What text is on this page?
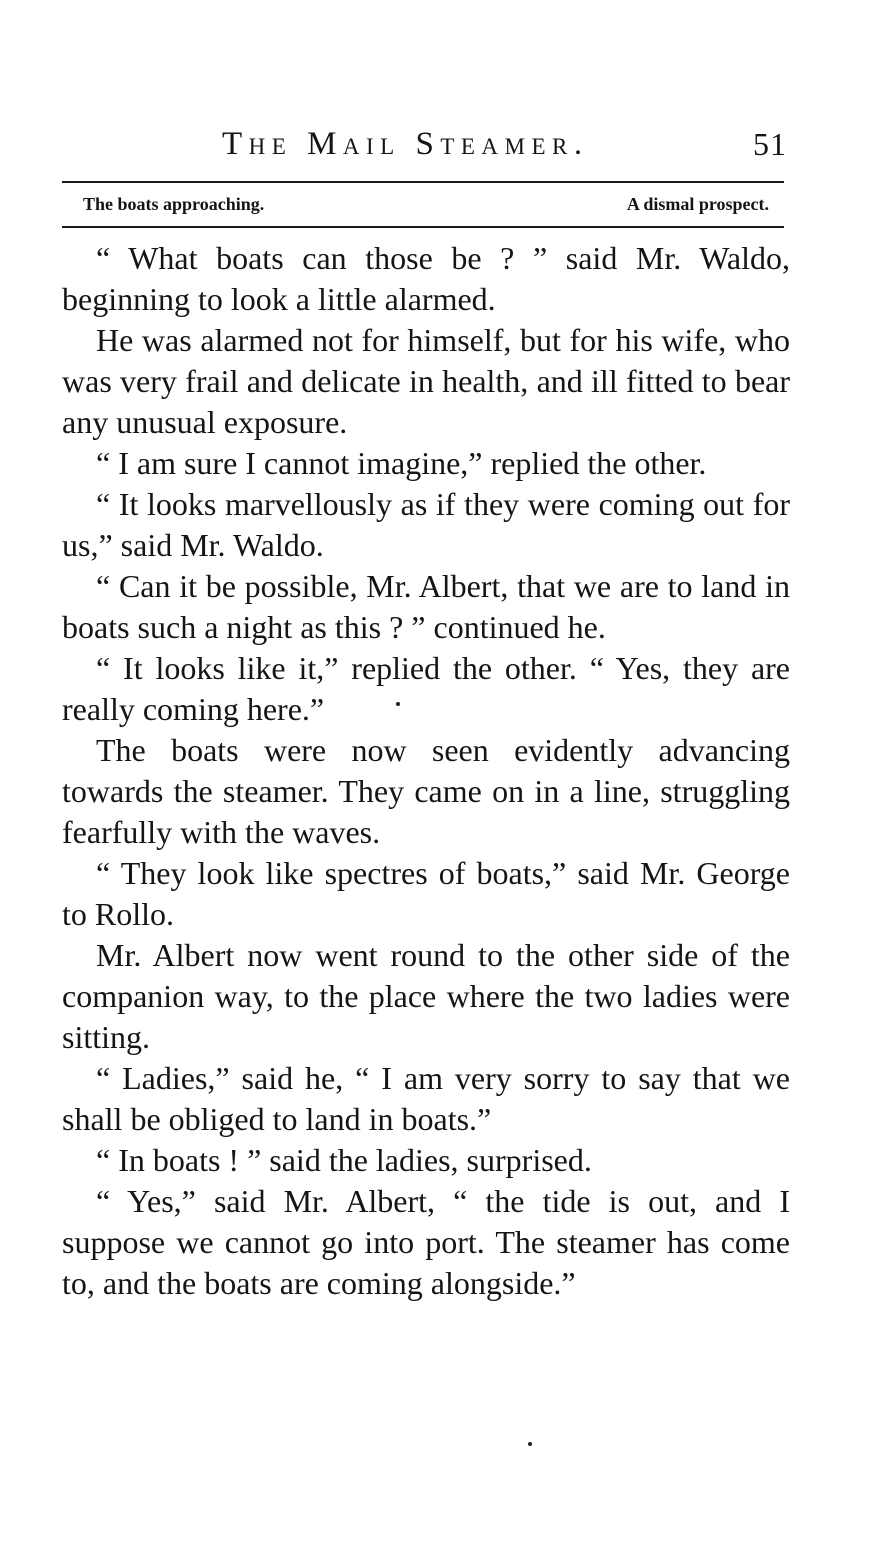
The Mail Steamer.	51
The boats approaching.	A dismal prospect.

“ What boats can those be ? ” said Mr. Waldo, beginning to look a little alarmed.

He was alarmed not for himself, but for his wife, who was very frail and delicate in health, and ill fitted to bear any unusual exposure.

“ I am sure I cannot imagine,” replied the other.

“ It looks marvellously as if they were coming out for us,” said Mr. Waldo.

“ Can it be possible, Mr. Albert, that we are to land in boats such a night as this ? ” continued he.

“ It looks like it,” replied the other. “ Yes, they are really coming here.”

The boats were now seen evidently advancing towards the steamer. They came on in a line, struggling fearfully with the waves.

“ They look like spectres of boats,” said Mr. George to Rollo.

Mr. Albert now went round to the other side of the companion way, to the place where the two ladies were sitting.

“ Ladies,” said he, “ I am very sorry to say that we shall be obliged to land in boats.”

“ In boats ! ” said the ladies, surprised.

“ Yes,” said Mr. Albert, “ the tide is out, and I suppose we cannot go into port. The steamer has come to, and the boats are coming alongside.”
